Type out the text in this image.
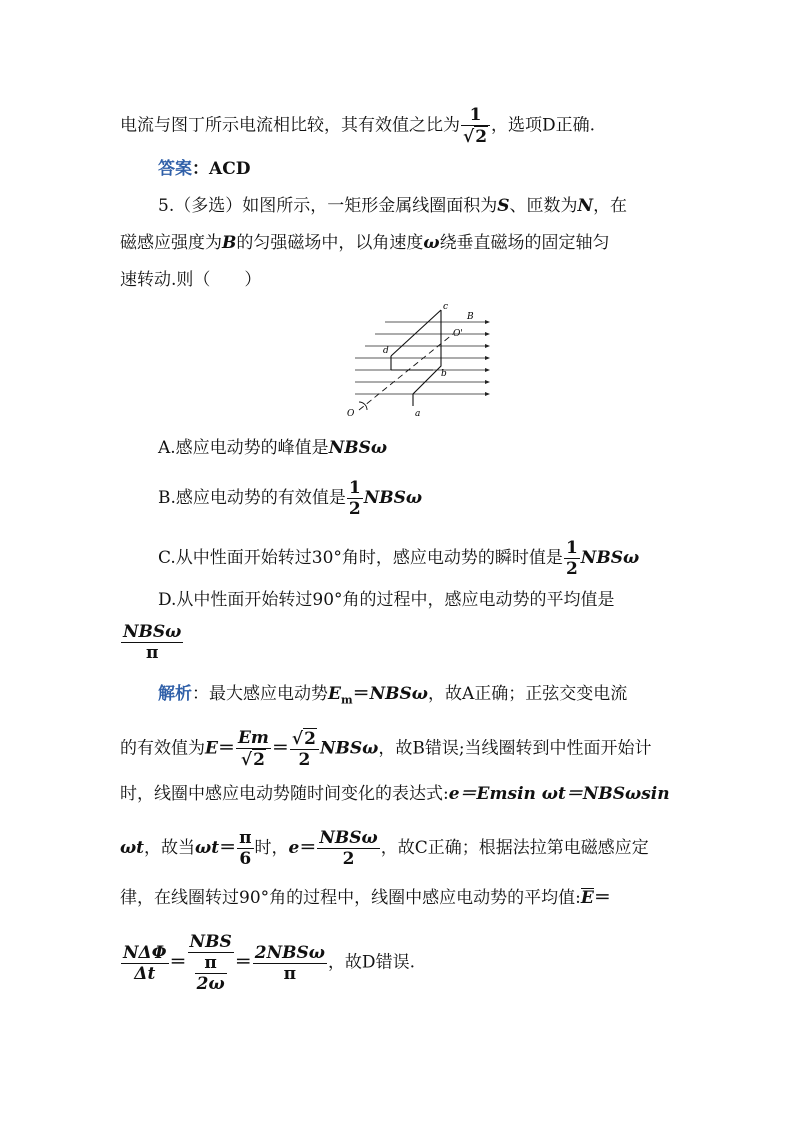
电流与图丁所示电流相比较，其有效值之比为 $\frac{1}{√2}$ ，选项D正确.
答案：ACD
5.（多选）如图所示，一矩形金属线圈面积为S、匝数为N，在
磁感应强度为B的匀强磁场中，以角速度ω绕垂直磁场的固定轴匀
速转动.则（　　）
c
B
O'
d
b
O	a
A.感应电动势的峰值是NBSω
B.感应电动势的有效值是 $\frac{1}{2}$ NBSω
C.从中性面开始转过30°角时，感应电动势的瞬时值是 $\frac{1}{2}$ NBSω
D.从中性面开始转过90°角的过程中，感应电动势的平均值是
$\frac{\text{NBSω}}{\pi}$
解析：最大感应电动势$E_m=NBS\omega$，故A正确；正弦交变电流
的有效值为$E= \frac{Em}{√2} = \frac{√2}{2}$ NBSω，故B错误;当线圈转到中性面开始计
时，线圈中感应电动势随时间变化的表达式:e＝Emsin ωt＝NBSωsin
ωt，故当$\omega t= \frac{\pi}{6}$ 时，$e= \frac{\text{NBSω}}{2}$ ，故C正确；根据法拉第电磁感应定
律，在线圈转过90°角的过程中，线圈中感应电动势的平均值:E＝
$\frac{\text{NΔΦ}}{\Delta t} = \frac{\text{NBS}}{\frac{\pi}{2\omega}} = \frac{\text{2NBSω}}{\pi}$ ，故D错误.
